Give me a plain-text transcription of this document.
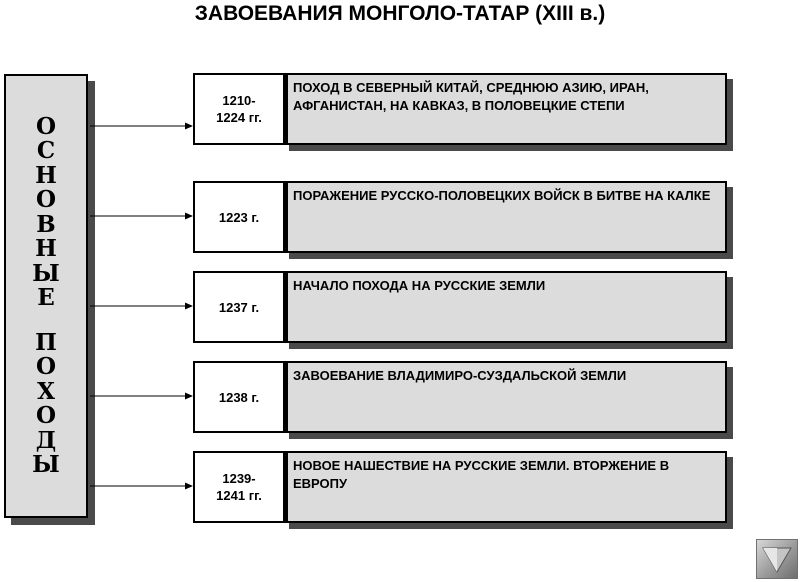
ЗАВОЕВАНИЯ МОНГОЛО-ТАТАР (XIII в.)
О
С
Н
О
В
Н
Ы
Е
П
О
Х
О
Д
Ы
1210-
1224 гг.
ПОХОД В СЕВЕРНЫЙ КИТАЙ, СРЕДНЮЮ АЗИЮ, ИРАН, АФГАНИСТАН, НА КАВКАЗ, В ПОЛОВЕЦКИЕ СТЕПИ
1223 г.
ПОРАЖЕНИЕ РУССКО-ПОЛОВЕЦКИХ ВОЙСК В БИТВЕ НА КАЛКЕ
1237 г.
НАЧАЛО ПОХОДА НА РУССКИЕ ЗЕМЛИ
1238 г.
ЗАВОЕВАНИЕ ВЛАДИМИРО-СУЗДАЛЬСКОЙ ЗЕМЛИ
1239-
1241 гг.
НОВОЕ НАШЕСТВИЕ НА РУССКИЕ ЗЕМЛИ. ВТОРЖЕНИЕ В ЕВРОПУ
